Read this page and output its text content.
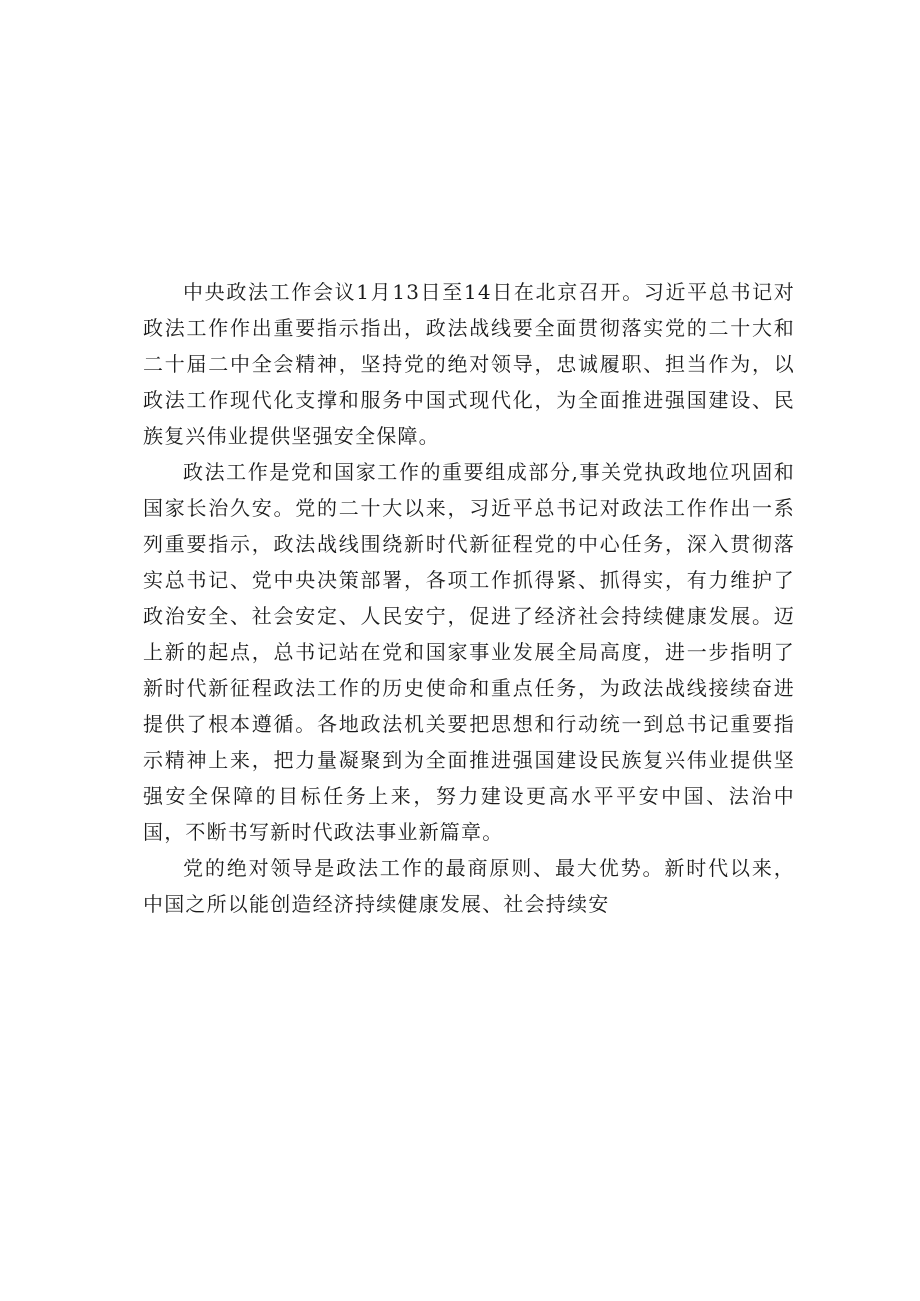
中央政法工作会议1月13日至14日在北京召开。习近平总书记对政法工作作出重要指示指出，政法战线要全面贯彻落实党的二十大和二十届二中全会精神，坚持党的绝对领导，忠诚履职、担当作为，以政法工作现代化支撑和服务中国式现代化，为全面推进强国建设、民族复兴伟业提供坚强安全保障。

政法工作是党和国家工作的重要组成部分,事关党执政地位巩固和国家长治久安。党的二十大以来，习近平总书记对政法工作作出一系列重要指示，政法战线围绕新时代新征程党的中心任务，深入贯彻落实总书记、党中央决策部署，各项工作抓得紧、抓得实，有力维护了政治安全、社会安定、人民安宁，促进了经济社会持续健康发展。迈上新的起点，总书记站在党和国家事业发展全局高度，进一步指明了新时代新征程政法工作的历史使命和重点任务，为政法战线接续奋进提供了根本遵循。各地政法机关要把思想和行动统一到总书记重要指示精神上来，把力量凝聚到为全面推进强国建设民族复兴伟业提供坚强安全保障的目标任务上来，努力建设更高水平平安中国、法治中国，不断书写新时代政法事业新篇章。

党的绝对领导是政法工作的最商原则、最大优势。新时代以来，中国之所以能创造经济持续健康发展、社会持续安
